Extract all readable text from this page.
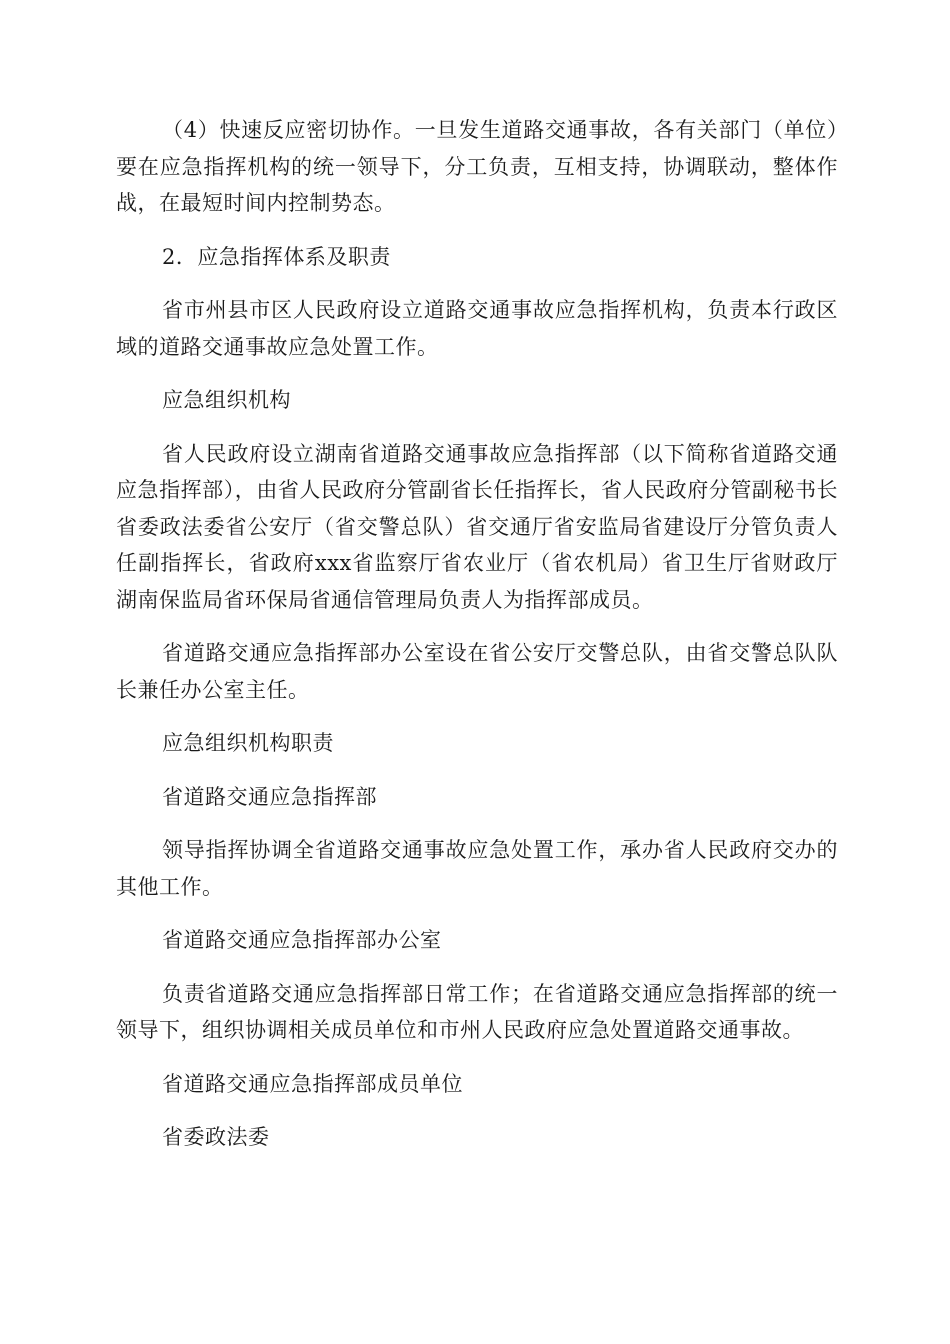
（4）快速反应密切协作。一旦发生道路交通事故，各有关部门（单位）要在应急指挥机构的统一领导下，分工负责，互相支持，协调联动，整体作战，在最短时间内控制势态。

2．应急指挥体系及职责

省市州县市区人民政府设立道路交通事故应急指挥机构，负责本行政区域的道路交通事故应急处置工作。

应急组织机构

省人民政府设立湖南省道路交通事故应急指挥部（以下简称省道路交通应急指挥部），由省人民政府分管副省长任指挥长，省人民政府分管副秘书长省委政法委省公安厅（省交警总队）省交通厅省安监局省建设厅分管负责人任副指挥长，省政府xxx省监察厅省农业厅（省农机局）省卫生厅省财政厅湖南保监局省环保局省通信管理局负责人为指挥部成员。

省道路交通应急指挥部办公室设在省公安厅交警总队，由省交警总队队长兼任办公室主任。

应急组织机构职责

省道路交通应急指挥部

领导指挥协调全省道路交通事故应急处置工作，承办省人民政府交办的其他工作。

省道路交通应急指挥部办公室

负责省道路交通应急指挥部日常工作；在省道路交通应急指挥部的统一领导下，组织协调相关成员单位和市州人民政府应急处置道路交通事故。

省道路交通应急指挥部成员单位

省委政法委
